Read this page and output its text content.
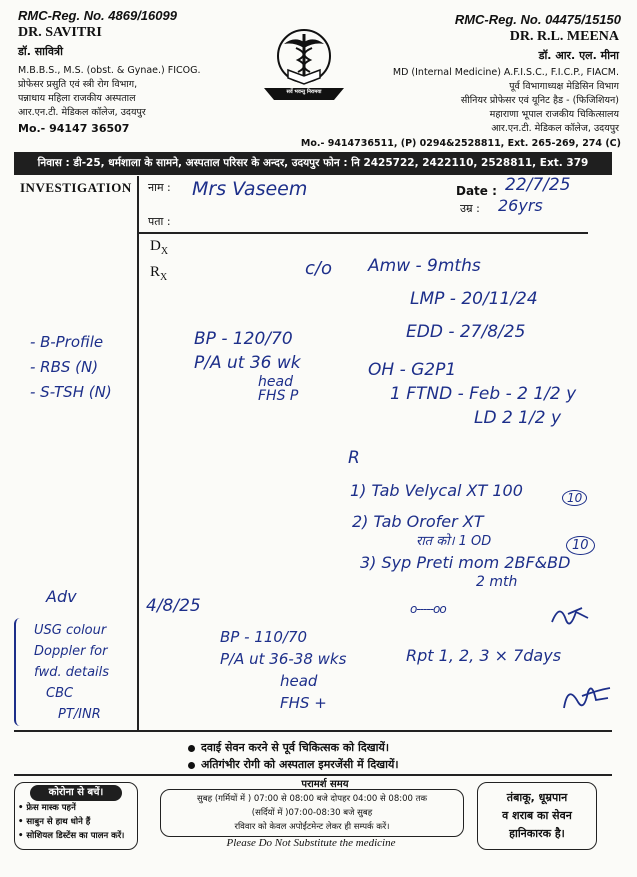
RMC-Reg. No. 4869/16099
DR. SAVITRI
डॉ. सावित्री
M.B.B.S., M.S. (obst. & Gynae.) FICOG.
प्रोफेसर प्रसुति एवं स्त्री रोग विभाग,
पन्नाधाय महिला राजकीय अस्पताल
आर.एन.टी. मेडिकल कॉलेज, उदयपुर
Mo.- 94147 36507
सर्वे भवन्तु निरामया
RMC-Reg. No. 04475/15150
DR. R.L. MEENA
डॉ. आर. एल. मीना
MD (Internal Medicine) A.F.I.S.C., F.I.C.P., FIACM.
पूर्व विभागाध्यक्ष मेडिसिन विभाग
सीनियर प्रोफेसर एवं यूनिट हैड - (फिजिशियन)
महाराणा भूपाल राजकीय चिकित्सालय
आर.एन.टी. मेडिकल कॉलेज, उदयपुर
Mo.- 9414736511, (P) 0294&2528811, Ext. 265-269, 274 (C)
निवास : डी-25, धर्मशाला के सामने, अस्पताल परिसर के अन्दर, उदयपुर फोन : नि 2425722, 2422110, 2528811, Ext. 379
INVESTIGATION नाम :	Date :
उम्र :
पता :
$D_X$
$R_X$
Mrs Vaseem	22/7/25
26yrs
c/o Amw - 9mths
LMP - 20/11/24
EDD - 27/8/25
BP - 120/70
P/A ut 36 wk
head
FHS P
OH - G2P1
1 FTND - Feb - 2 1/2 y
LD 2 1/2 y
R
1) Tab Velycal XT 100
2) Tab Orofer XT
रात को। 1 OD
3) Syp Preti mom 2BF&BD
2 mth
10
10
o-----oo
- B-Profile
- RBS (N)
- S-TSH (N)
Adv
USG colour
Doppler for
fwd. details
CBC
PT/INR
4/8/25
BP - 110/70
P/A ut 36-38 wks
head
FHS +
Rpt 1, 2, 3 × 7days
दवाई सेवन करने से पूर्व चिकित्सक को दिखायें।
अतिगंभीर रोगी को अस्पताल इमरजेंसी में दिखायें।
कोरोना से बचें।
• फ्रेस मास्क पहनें
• साबुन से हाथ धोने हैं
• सोशियल डिस्टेंस का पालन करें।
परामर्श समय
सुबह (गर्मियों में ) 07:00 से 08:00 बजे दोपहर 04:00 से 08:00 तक
(सर्दियों में )07:00-08:30 बजे सुबह
रविवार को केवल अपोईंटमेन्ट लेकर ही सम्पर्क करें।
तंबाकू, धूम्रपान
व शराब का सेवन
हानिकारक है।
Please Do Not Substitute the medicine
